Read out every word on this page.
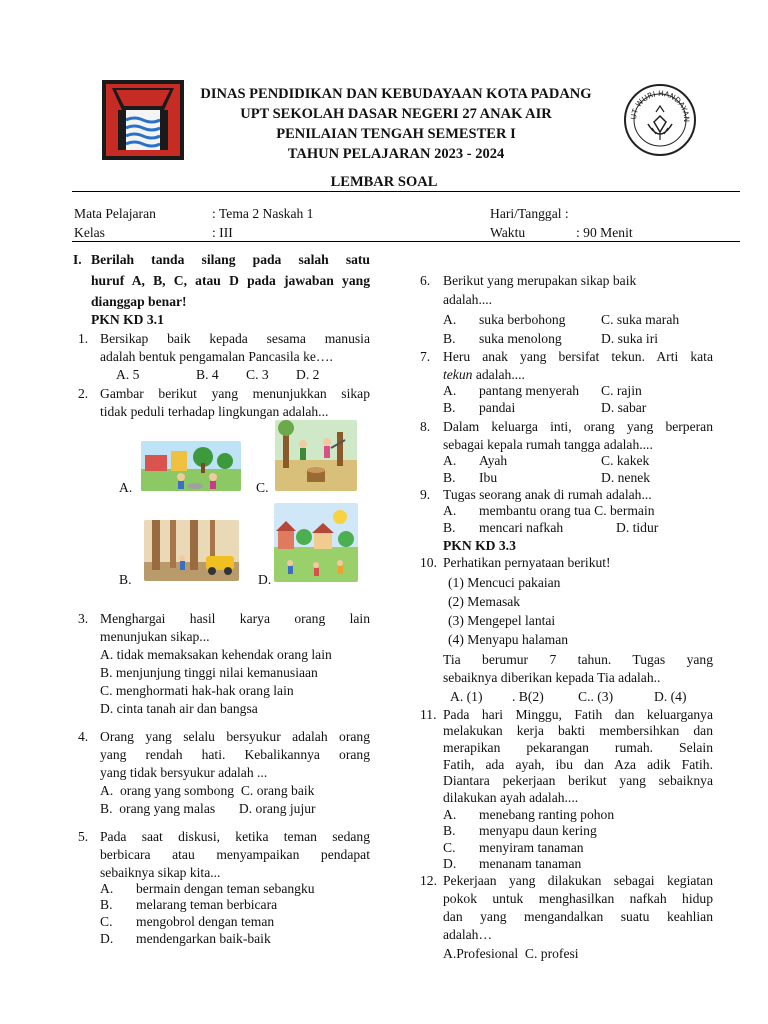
DINAS PENDIDIKAN DAN KEBUDAYAAN KOTA PADANG
UPT SEKOLAH DASAR NEGERI 27 ANAK AIR
PENILAIAN TENGAH SEMESTER I
TAHUN PELAJARAN 2023 - 2024
UT WURI HANDAYAN
LEMBAR SOAL
Mata Pelajaran	: Tema 2 Naskah 1	Hari/Tanggal :
Kelas	: III	Waktu	: 90 Menit
I. Berilah tanda silang pada salah satu
huruf A, B, C, atau D pada jawaban yang
dianggap benar!
PKN KD 3.1
1. Bersikap baik kepada sesama manusia
adalah bentuk pengamalan Pancasila ke….
A. 5	B. 4 C. 3 D. 2
2. Gambar berikut yang menunjukkan sikap
tidak peduli terhadap lingkungan adalah...
A.	C.
B.	D.
3. Menghargai hasil karya orang lain
menunjukan sikap...
A. tidak memaksakan kehendak orang lain
B. menjunjung tinggi nilai kemanusiaan
C. menghormati hak-hak orang lain
D. cinta tanah air dan bangsa
4. Orang yang selalu bersyukur adalah orang
yang rendah hati. Kebalikannya orang
yang tidak bersyukur adalah ...
A.  orang yang sombong  C. orang baik
B.  orang yang malas       D. orang jujur
5. Pada saat diskusi, ketika teman sedang
berbicara atau menyampaikan pendapat
sebaiknya sikap kita...
A. bermain dengan teman sebangku
B. melarang teman berbicara
C. mengobrol dengan teman
D. mendengarkan baik-baik
6. Berikut yang merupakan sikap baik
adalah....
A. suka berbohong	C. suka marah
B. suka menolong	D. suka iri
7. Heru anak yang bersifat tekun. Arti kata
tekun adalah....
A. pantang menyerah C. rajin
B. pandai	D. sabar
8. Dalam keluarga inti, orang yang berperan
sebagai kepala rumah tangga adalah....
A. Ayah	C. kakek
B. Ibu	D. nenek
9. Tugas seorang anak di rumah adalah...
A. membantu orang tua C. bermain
B. mencari nafkah	D. tidur
PKN KD 3.3
10. Perhatikan pernyataan berikut!
(1) Mencuci pakaian
(2) Memasak
(3) Mengepel lantai
(4) Menyapu halaman
Tia berumur 7 tahun. Tugas yang
sebaiknya diberikan kepada Tia adalah..
A. (1) . B(2)	C.. (3)	D. (4)
11. Pada hari Minggu, Fatih dan keluarganya
melakukan kerja bakti membersihkan dan
merapikan pekarangan rumah. Selain
Fatih, ada ayah, ibu dan Aza adik Fatih.
Diantara pekerjaan berikut yang sebaiknya
dilakukan ayah adalah....
A. menebang ranting pohon
B. menyapu daun kering
C. menyiram tanaman
D. menanam tanaman
12. Pekerjaan yang dilakukan sebagai kegiatan
pokok untuk menghasilkan nafkah hidup
dan yang mengandalkan suatu keahlian
adalah…
A.Profesional  C. profesi
